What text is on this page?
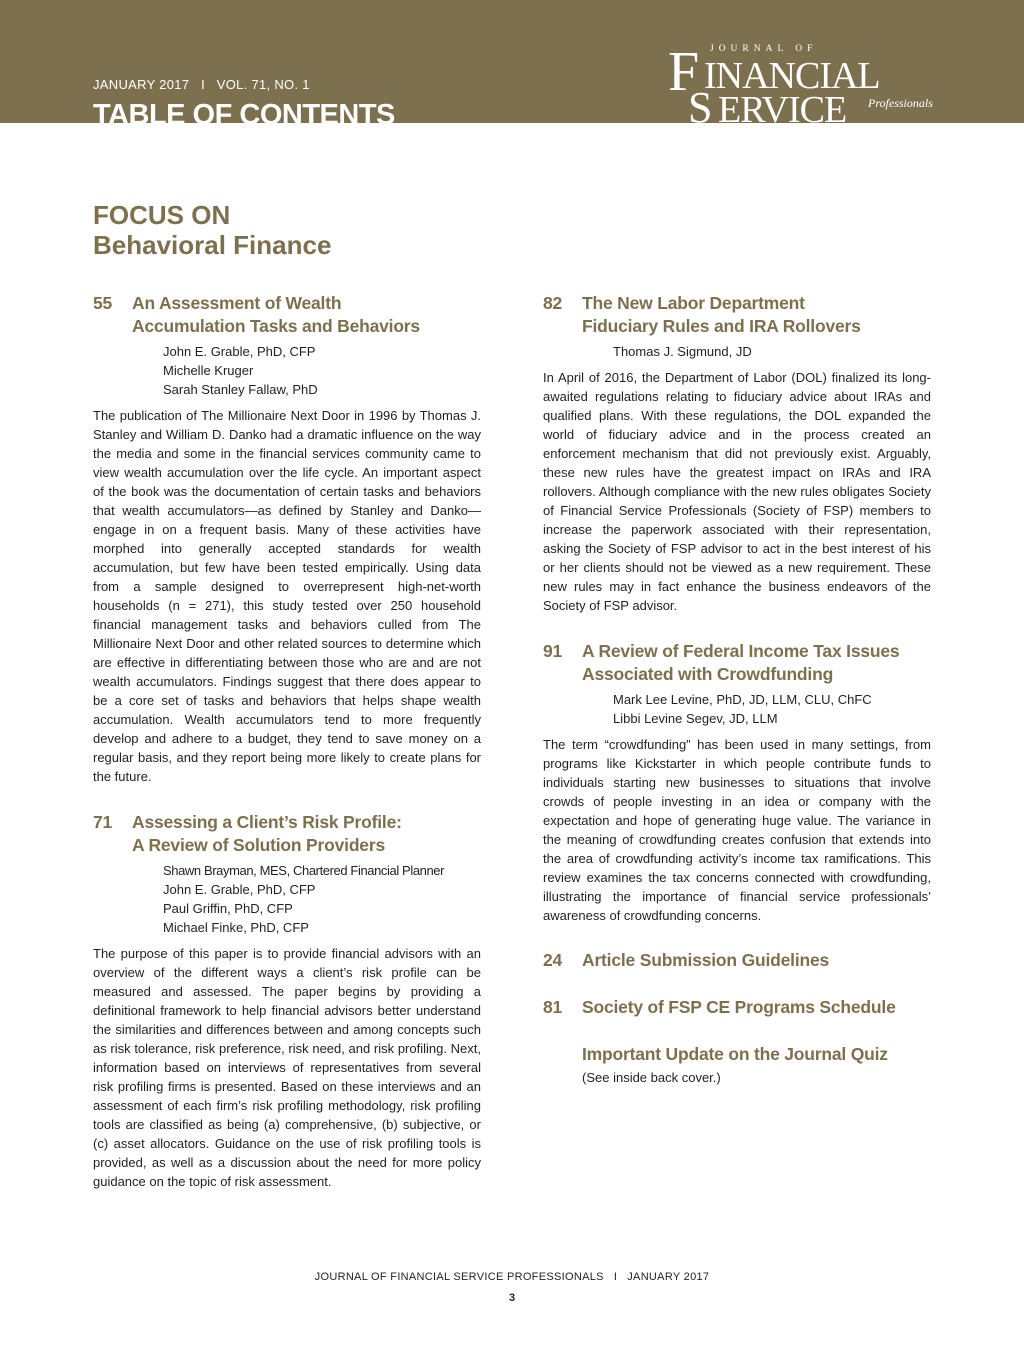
JANUARY 2017   I   VOL. 71, NO. 1
TABLE OF CONTENTS
JOURNAL OF
F INANCIAL
S ERVICE Professionals
FOCUS ON
Behavioral Finance
55 An Assessment of Wealth
Accumulation Tasks and Behaviors
John E. Grable, PhD, CFP
Michelle Kruger
Sarah Stanley Fallaw, PhD
The publication of The Millionaire Next Door in 1996 by Thomas J. Stanley and William D. Danko had a dramatic influence on the way the media and some in the financial services community came to view wealth accumulation over the life cycle. An important aspect of the book was the documentation of certain tasks and behaviors that wealth accumulators—as defined by Stanley and Danko—engage in on a frequent basis. Many of these activities have morphed into generally accepted standards for wealth accumulation, but few have been tested empirically. Using data from a sample designed to overrepresent high-net-worth households (n = 271), this study tested over 250 household financial management tasks and behaviors culled from The Millionaire Next Door and other related sources to determine which are effective in differentiating between those who are and are not wealth accumulators. Findings suggest that there does appear to be a core set of tasks and behaviors that helps shape wealth accumulation. Wealth accumulators tend to more frequently develop and adhere to a budget, they tend to save money on a regular basis, and they report being more likely to create plans for the future.
71 Assessing a Client’s Risk Profile:
A Review of Solution Providers
Shawn Brayman, MES, Chartered Financial Planner
John E. Grable, PhD, CFP
Paul Griffin, PhD, CFP
Michael Finke, PhD, CFP
The purpose of this paper is to provide financial advisors with an overview of the different ways a client’s risk profile can be measured and assessed. The paper begins by providing a definitional framework to help financial advisors better understand the similarities and differences between and among concepts such as risk tolerance, risk preference, risk need, and risk profiling. Next, information based on interviews of representatives from several risk profiling firms is presented. Based on these interviews and an assessment of each firm’s risk profiling methodology, risk profiling tools are classified as being (a) comprehensive, (b) subjective, or (c) asset allocators. Guidance on the use of risk profiling tools is provided, as well as a discussion about the need for more policy guidance on the topic of risk assessment.
82 The New Labor Department
Fiduciary Rules and IRA Rollovers
Thomas J. Sigmund, JD
In April of 2016, the Department of Labor (DOL) finalized its long-awaited regulations relating to fiduciary advice about IRAs and qualified plans. With these regulations, the DOL expanded the world of fiduciary advice and in the process created an enforcement mechanism that did not previously exist. Arguably, these new rules have the greatest impact on IRAs and IRA rollovers. Although compliance with the new rules obligates Society of Financial Service Professionals (Society of FSP) members to increase the paperwork associated with their representation, asking the Society of FSP advisor to act in the best interest of his or her clients should not be viewed as a new requirement. These new rules may in fact enhance the business endeavors of the Society of FSP advisor.
91 A Review of Federal Income Tax Issues
Associated with Crowdfunding
Mark Lee Levine, PhD, JD, LLM, CLU, ChFC
Libbi Levine Segev, JD, LLM
The term “crowdfunding” has been used in many settings, from programs like Kickstarter in which people contribute funds to individuals starting new businesses to situations that involve crowds of people investing in an idea or company with the expectation and hope of generating huge value. The variance in the meaning of crowdfunding creates confusion that extends into the area of crowdfunding activity’s income tax ramifications. This review examines the tax concerns connected with crowdfunding, illustrating the importance of financial service professionals’ awareness of crowdfunding concerns.
24 Article Submission Guidelines
81 Society of FSP CE Programs Schedule
Important Update on the Journal Quiz
(See inside back cover.)
JOURNAL OF FINANCIAL SERVICE PROFESSIONALS   I   JANUARY 2017
3
